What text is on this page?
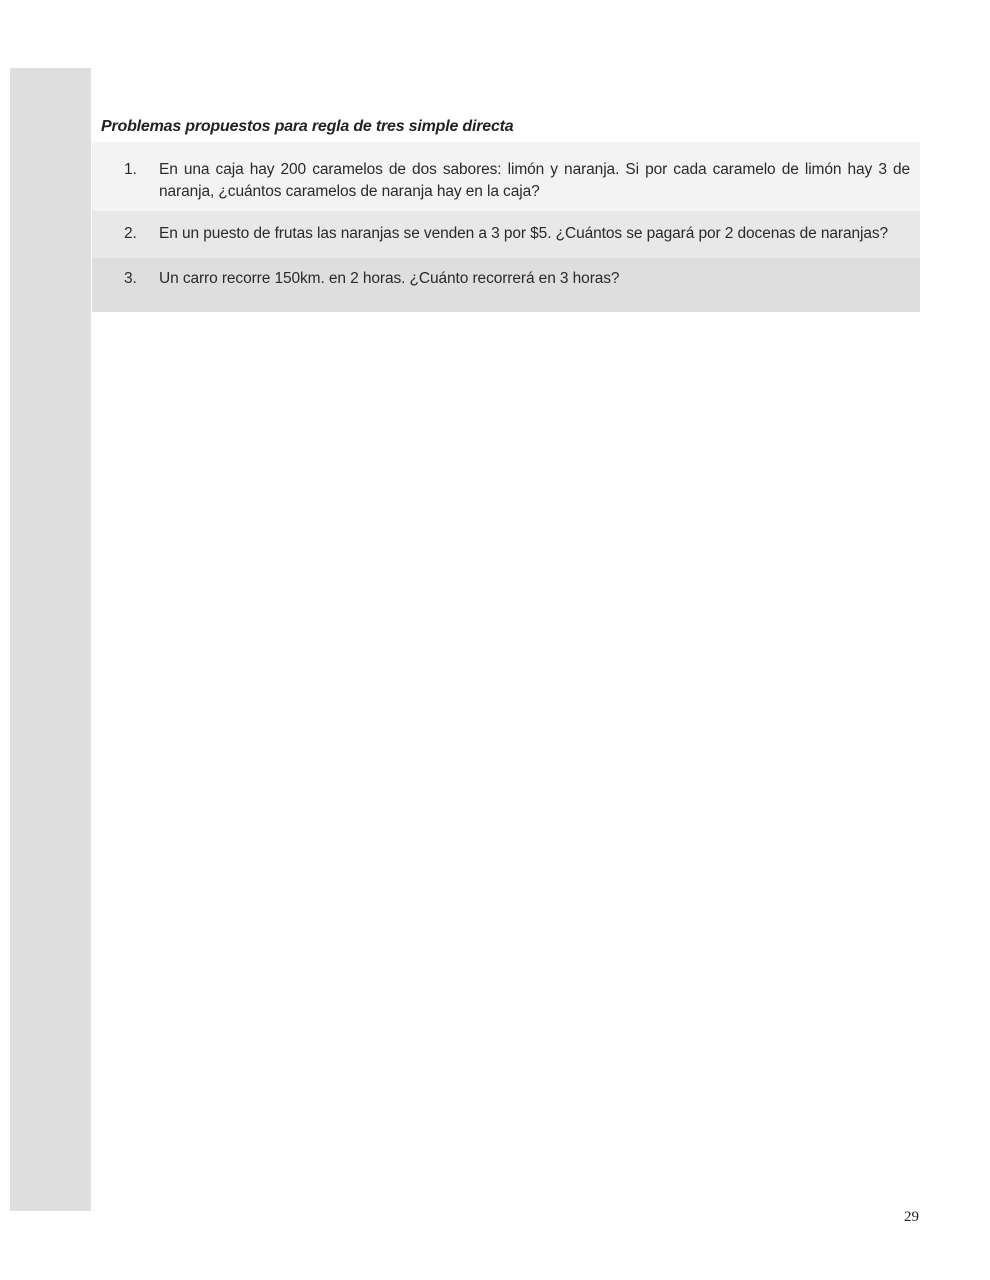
Problemas propuestos para regla de tres simple directa
1. En una caja hay 200 caramelos de dos sabores: limón y naranja. Si por cada caramelo de limón hay 3 de naranja, ¿cuántos caramelos de naranja hay en la caja?
2. En un puesto de frutas las naranjas se venden a 3 por $5. ¿Cuántos se pagará por 2 docenas de naranjas?
3. Un carro recorre 150km. en 2 horas. ¿Cuánto recorrerá en 3 horas?
29
